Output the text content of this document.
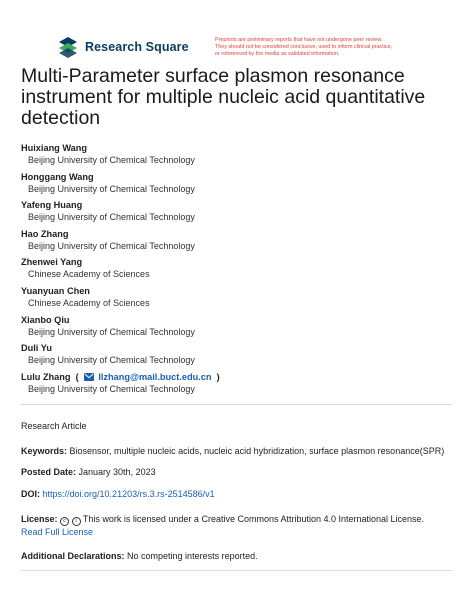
Research Square	Preprints are preliminary reports that have not undergone peer review.
They should not be considered conclusive, used to inform clinical practice,
or referenced by the media as validated information.
Multi-Parameter surface plasmon resonance instrument for multiple nucleic acid quantitative detection
Huixiang Wang
Beijing University of Chemical Technology
Honggang Wang
Beijing University of Chemical Technology
Yafeng Huang
Beijing University of Chemical Technology
Hao Zhang
Beijing University of Chemical Technology
Zhenwei Yang
Chinese Academy of Sciences
Yuanyuan Chen
Chinese Academy of Sciences
Xianbo Qiu
Beijing University of Chemical Technology
Duli Yu
Beijing University of Chemical Technology
Lulu Zhang  (   llzhang@mail.buct.edu.cn  )
Beijing University of Chemical Technology
Research Article
Keywords: Biosensor, multiple nucleic acids, nucleic acid hybridization, surface plasmon resonance(SPR)
Posted Date: January 30th, 2023
DOI: https://doi.org/10.21203/rs.3.rs-2514586/v1
License: c i This work is licensed under a Creative Commons Attribution 4.0 International License.
Read Full License
Additional Declarations: No competing interests reported.
